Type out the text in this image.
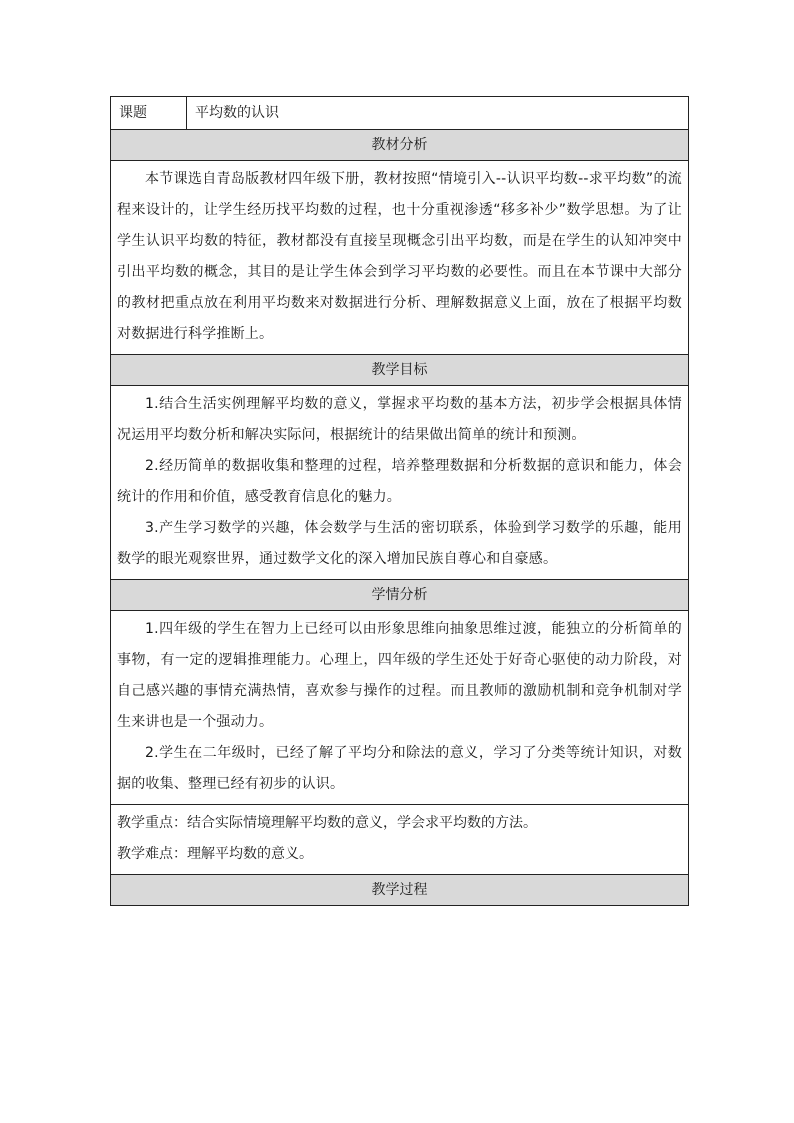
课题	平均数的认识
教材分析

本节课选自青岛版教材四年级下册，教材按照“情境引入--认识平均数--求平均数”的流程来设计的，让学生经历找平均数的过程，也十分重视渗透“移多补少”数学思想。为了让学生认识平均数的特征，教材都没有直接呈现概念引出平均数，而是在学生的认知冲突中引出平均数的概念，其目的是让学生体会到学习平均数的必要性。而且在本节课中大部分的教材把重点放在利用平均数来对数据进行分析、理解数据意义上面，放在了根据平均数对数据进行科学推断上。

教学目标

1.结合生活实例理解平均数的意义，掌握求平均数的基本方法，初步学会根据具体情况运用平均数分析和解决实际问，根据统计的结果做出简单的统计和预测。

2.经历简单的数据收集和整理的过程，培养整理数据和分析数据的意识和能力，体会统计的作用和价值，感受教育信息化的魅力。

3.产生学习数学的兴趣，体会数学与生活的密切联系，体验到学习数学的乐趣，能用数学的眼光观察世界，通过数学文化的深入增加民族自尊心和自豪感。

学情分析

1.四年级的学生在智力上已经可以由形象思维向抽象思维过渡，能独立的分析简单的事物，有一定的逻辑推理能力。心理上，四年级的学生还处于好奇心驱使的动力阶段，对自己感兴趣的事情充满热情，喜欢参与操作的过程。而且教师的激励机制和竞争机制对学生来讲也是一个强动力。

2.学生在二年级时，已经了解了平均分和除法的意义，学习了分类等统计知识，对数据的收集、整理已经有初步的认识。

教学重点：结合实际情境理解平均数的意义，学会求平均数的方法。

教学难点：理解平均数的意义。

教学过程
